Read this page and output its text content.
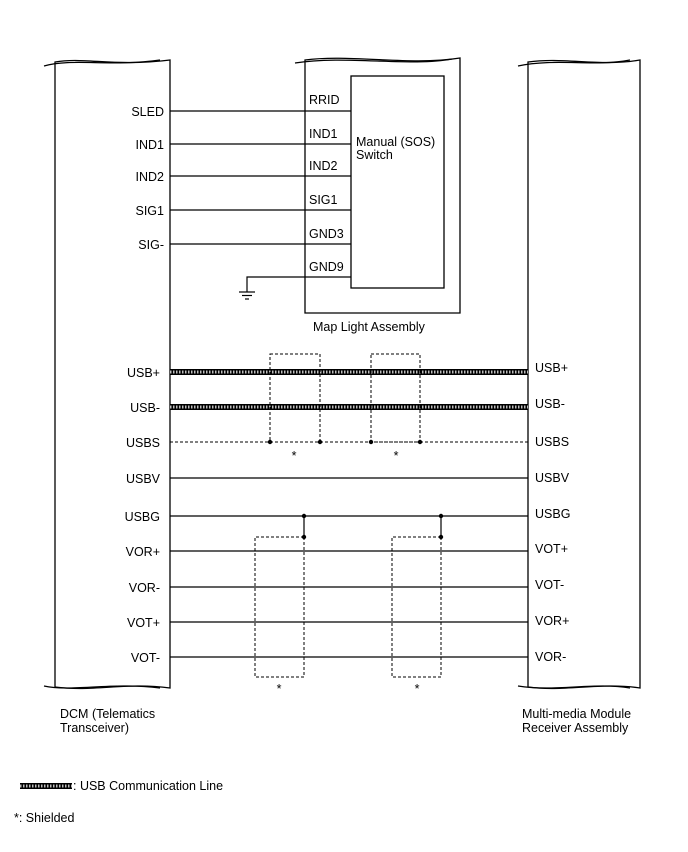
*	*
*	*
SLED
IND1
IND2
SIG1
SIG-
RRID
IND1
IND2
SIG1
GND3
GND9
Manual (SOS)
Switch
Map Light Assembly
USB+
USB-
USBS
USBV
USBG
VOR+
VOR-
VOT+
VOT-
USB+
USB-
USBS
USBV
USBG
VOT+
VOT-
VOR+
VOR-
DCM (Telematics
Transceiver)
Multi-media Module
Receiver Assembly
: USB Communication Line
*: Shielded
